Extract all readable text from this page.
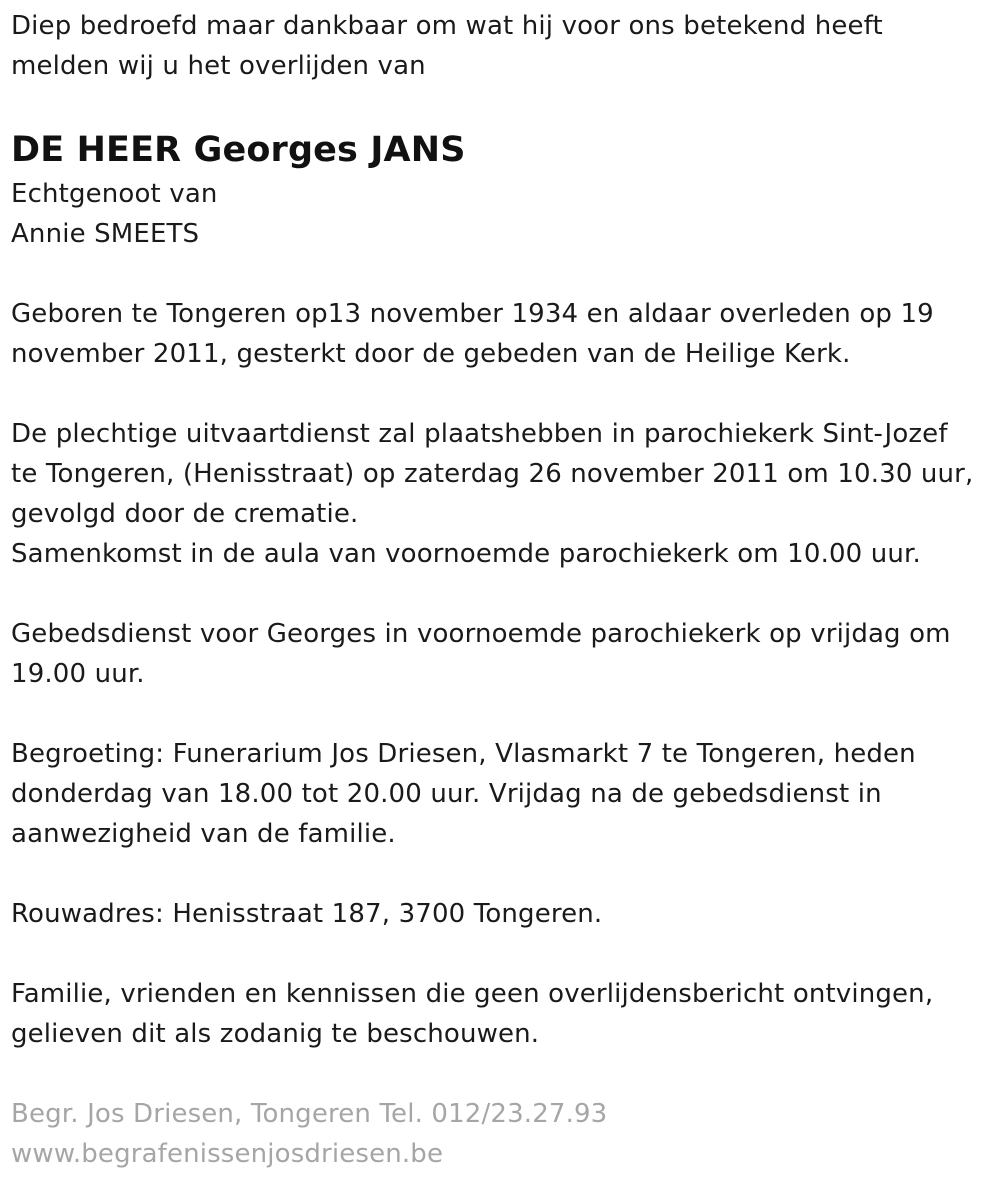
Diep bedroefd maar dankbaar om wat hij voor ons betekend heeft
melden wij u het overlijden van
DE HEER Georges JANS
Echtgenoot van
Annie SMEETS
Geboren te Tongeren op13 november 1934 en aldaar overleden op 19
november 2011, gesterkt door de gebeden van de Heilige Kerk.
De plechtige uitvaartdienst zal plaatshebben in parochiekerk Sint-Jozef
te Tongeren, (Henisstraat) op zaterdag 26 november 2011 om 10.30 uur,
gevolgd door de crematie.
Samenkomst in de aula van voornoemde parochiekerk om 10.00 uur.
Gebedsdienst voor Georges in voornoemde parochiekerk op vrijdag om
19.00 uur.
Begroeting: Funerarium Jos Driesen, Vlasmarkt 7 te Tongeren, heden
donderdag van 18.00 tot 20.00 uur. Vrijdag na de gebedsdienst in
aanwezigheid van de familie.
Rouwadres: Henisstraat 187, 3700 Tongeren.
Familie, vrienden en kennissen die geen overlijdensbericht ontvingen,
gelieven dit als zodanig te beschouwen.
Begr. Jos Driesen, Tongeren Tel. 012/23.27.93
www.begrafenissenjosdriesen.be
